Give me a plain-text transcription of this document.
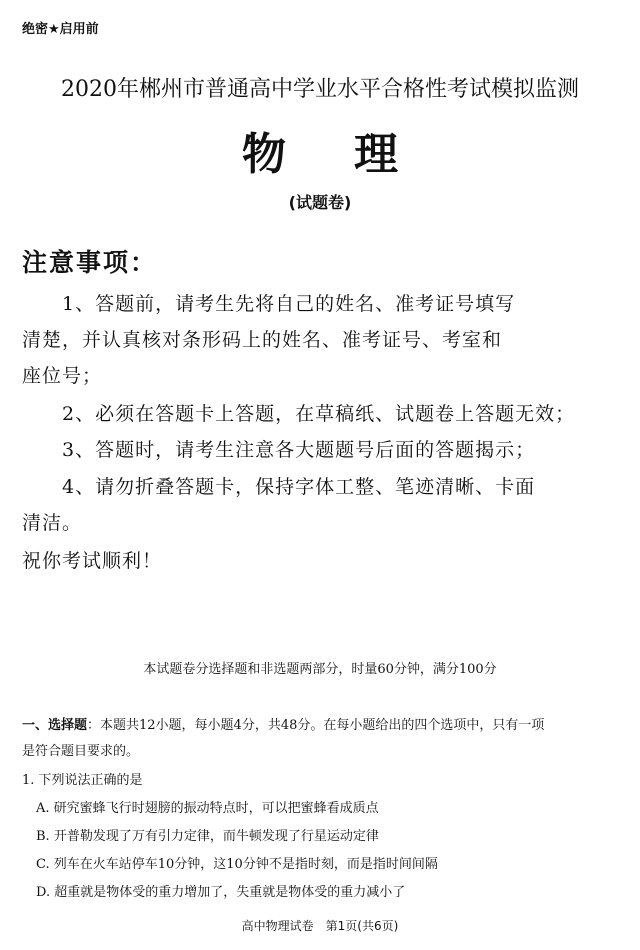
绝密★启用前
2020年郴州市普通高中学业水平合格性考试模拟监测
物理
(试题卷)
注意事项：
1、答题前，请考生先将自己的姓名、准考证号填写
清楚，并认真核对条形码上的姓名、准考证号、考室和
座位号；
2、必须在答题卡上答题，在草稿纸、试题卷上答题无效；
3、答题时，请考生注意各大题题号后面的答题揭示；
4、请勿折叠答题卡，保持字体工整、笔迹清晰、卡面
清洁。
祝你考试顺利！
本试题卷分选择题和非选题两部分，时量60分钟，满分100分
一、选择题：本题共12小题，每小题4分，共48分。在每小题给出的四个选项中，只有一项
是符合题目要求的。
1. 下列说法正确的是
A. 研究蜜蜂飞行时翅膀的振动特点时，可以把蜜蜂看成质点
B. 开普勒发现了万有引力定律，而牛顿发现了行星运动定律
C. 列车在火车站停车10分钟，这10分钟不是指时刻，而是指时间间隔
D. 超重就是物体受的重力增加了，失重就是物体受的重力减小了
高中物理试卷　第1页(共6页)
